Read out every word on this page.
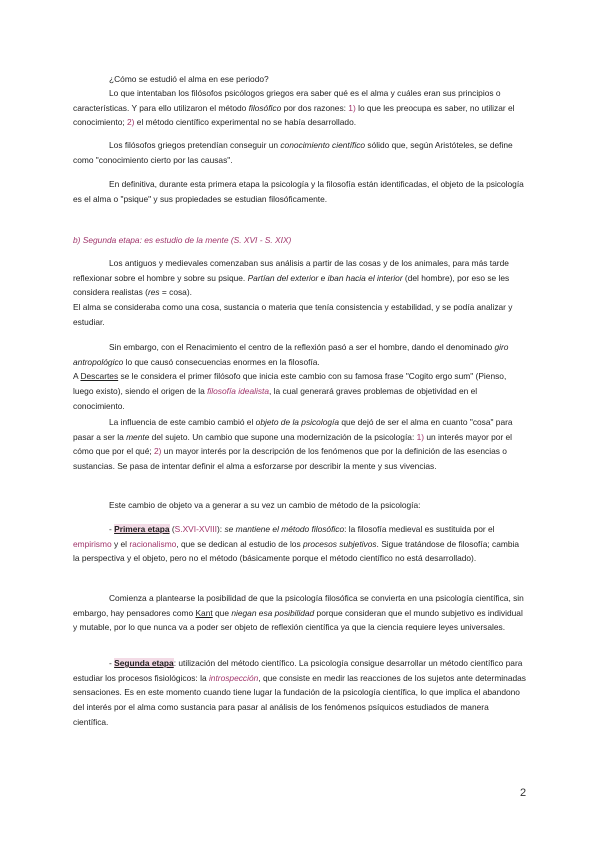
¿Cómo se estudió el alma en ese periodo?

Lo que intentaban los filósofos psicólogos griegos era saber qué es el alma y cuáles eran sus principios o características. Y para ello utilizaron el método filosófico por dos razones: 1) lo que les preocupa es saber, no utilizar el conocimiento; 2) el método científico experimental no se había desarrollado.

Los filósofos griegos pretendían conseguir un conocimiento científico sólido que, según Aristóteles, se define como "conocimiento cierto por las causas".

En definitiva, durante esta primera etapa la psicología y la filosofía están identificadas, el objeto de la psicología es el alma o "psique" y sus propiedades se estudian filosóficamente.

b) Segunda etapa: es estudio de la mente (S. XVI - S. XIX)

Los antiguos y medievales comenzaban sus análisis a partir de las cosas y de los animales, para más tarde reflexionar sobre el hombre y sobre su psique. Partían del exterior e iban hacia el interior (del hombre), por eso se les considera realistas (res = cosa).
El alma se consideraba como una cosa, sustancia o materia que tenía consistencia y estabilidad, y se podía analizar y estudiar.

Sin embargo, con el Renacimiento el centro de la reflexión pasó a ser el hombre, dando el denominado giro antropológico lo que causó consecuencias enormes en la filosofía.
A Descartes se le considera el primer filósofo que inicia este cambio con su famosa frase "Cogito ergo sum" (Pienso, luego existo), siendo el origen de la filosofía idealista, la cual generará graves problemas de objetividad en el conocimiento.

La influencia de este cambio cambió el objeto de la psicología que dejó de ser el alma en cuanto "cosa" para pasar a ser la mente del sujeto. Un cambio que supone una modernización de la psicología: 1) un interés mayor por el cómo que por el qué; 2) un mayor interés por la descripción de los fenómenos que por la definición de las esencias o sustancias. Se pasa de intentar definir el alma a esforzarse por describir la mente y sus vivencias.

Este cambio de objeto va a generar a su vez un cambio de método de la psicología:

- Primera etapa (S.XVI-XVIII): se mantiene el método filosófico: la filosofía medieval es sustituida por el empirismo y el racionalismo, que se dedican al estudio de los procesos subjetivos. Sigue tratándose de filosofía; cambia la perspectiva y el objeto, pero no el método (básicamente porque el método científico no está desarrollado).

Comienza a plantearse la posibilidad de que la psicología filosófica se convierta en una psicología científica, sin embargo, hay pensadores como Kant que niegan esa posibilidad porque consideran que el mundo subjetivo es individual y mutable, por lo que nunca va a poder ser objeto de reflexión científica ya que la ciencia requiere leyes universales.

- Segunda etapa: utilización del método científico. La psicología consigue desarrollar un método científico para estudiar los procesos fisiológicos: la introspección, que consiste en medir las reacciones de los sujetos ante determinadas sensaciones. Es en este momento cuando tiene lugar la fundación de la psicología científica, lo que implica el abandono del interés por el alma como sustancia para pasar al análisis de los fenómenos psíquicos estudiados de manera científica.

2
